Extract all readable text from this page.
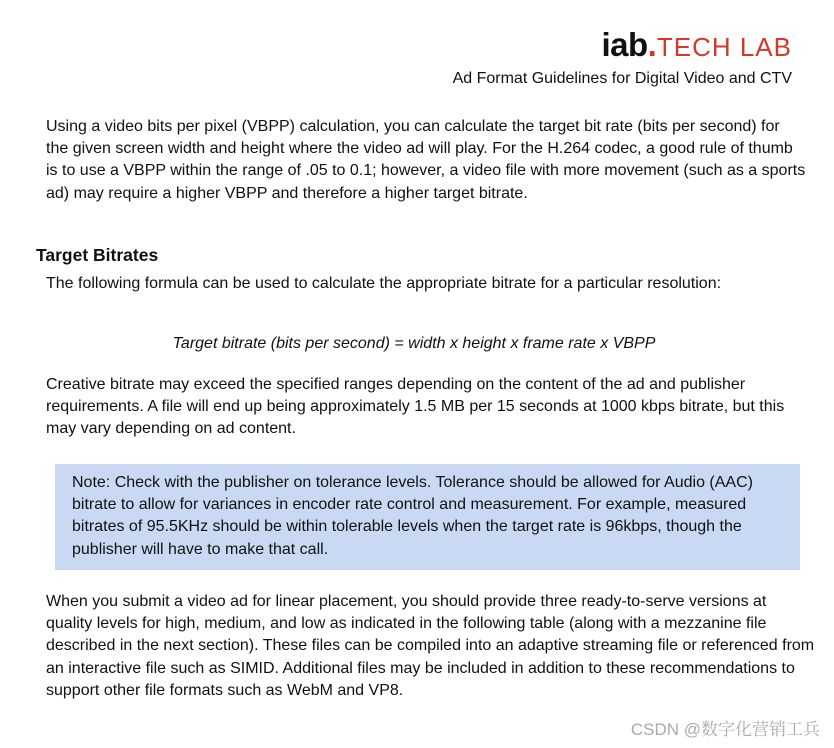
iab . TECH LAB
Ad Format Guidelines for Digital Video and CTV

Using a video bits per pixel (VBPP) calculation, you can calculate the target bit rate (bits per second) for the given screen width and height where the video ad will play. For the H.264 codec, a good rule of thumb is to use a VBPP within the range of .05 to 0.1; however, a video file with more movement (such as a sports ad) may require a higher VBPP and therefore a higher target bitrate.

Target Bitrates

The following formula can be used to calculate the appropriate bitrate for a particular resolution:

Target bitrate (bits per second) = width x height x frame rate x VBPP

Creative bitrate may exceed the specified ranges depending on the content of the ad and publisher requirements. A file will end up being approximately 1.5 MB per 15 seconds at 1000 kbps bitrate, but this may vary depending on ad content.

Note: Check with the publisher on tolerance levels. Tolerance should be allowed for Audio (AAC) bitrate to allow for variances in encoder rate control and measurement. For example, measured bitrates of 95.5KHz should be within tolerable levels when the target rate is 96kbps, though the publisher will have to make that call.

When you submit a video ad for linear placement, you should provide three ready-to-serve versions at quality levels for high, medium, and low as indicated in the following table (along with a mezzanine file described in the next section). These files can be compiled into an adaptive streaming file or referenced from an interactive file such as SIMID. Additional files may be included in addition to these recommendations to support other file formats such as WebM and VP8.

CSDN @数字化营销工兵
